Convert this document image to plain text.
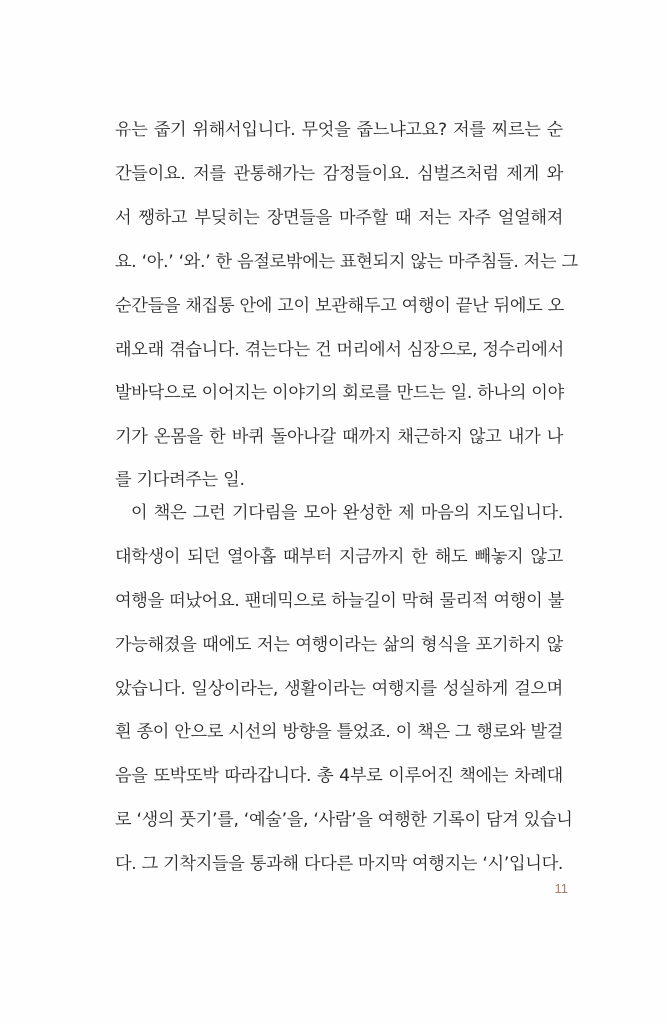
유는 줍기 위해서입니다. 무엇을 줍느냐고요? 저를 찌르는 순
간들이요. 저를 관통해가는 감정들이요. 심벌즈처럼 제게 와
서 쨍하고 부딪히는 장면들을 마주할 때 저는 자주 얼얼해져
요. ‘아.’ ‘와.’ 한 음절로밖에는 표현되지 않는 마주침들. 저는 그
순간들을 채집통 안에 고이 보관해두고 여행이 끝난 뒤에도 오
래오래 겪습니다. 겪는다는 건 머리에서 심장으로, 정수리에서
발바닥으로 이어지는 이야기의 회로를 만드는 일. 하나의 이야
기가 온몸을 한 바퀴 돌아나갈 때까지 채근하지 않고 내가 나
를 기다려주는 일.
이 책은 그런 기다림을 모아 완성한 제 마음의 지도입니다.
대학생이 되던 열아홉 때부터 지금까지 한 해도 빼놓지 않고
여행을 떠났어요. 팬데믹으로 하늘길이 막혀 물리적 여행이 불
가능해졌을 때에도 저는 여행이라는 삶의 형식을 포기하지 않
았습니다. 일상이라는, 생활이라는 여행지를 성실하게 걸으며
흰 종이 안으로 시선의 방향을 틀었죠. 이 책은 그 행로와 발걸
음을 또박또박 따라갑니다. 총 4부로 이루어진 책에는 차례대
로 ‘생의 풋기’를, ‘예술’을, ‘사람’을 여행한 기록이 담겨 있습니
다. 그 기착지들을 통과해 다다른 마지막 여행지는 ‘시’입니다.
11
